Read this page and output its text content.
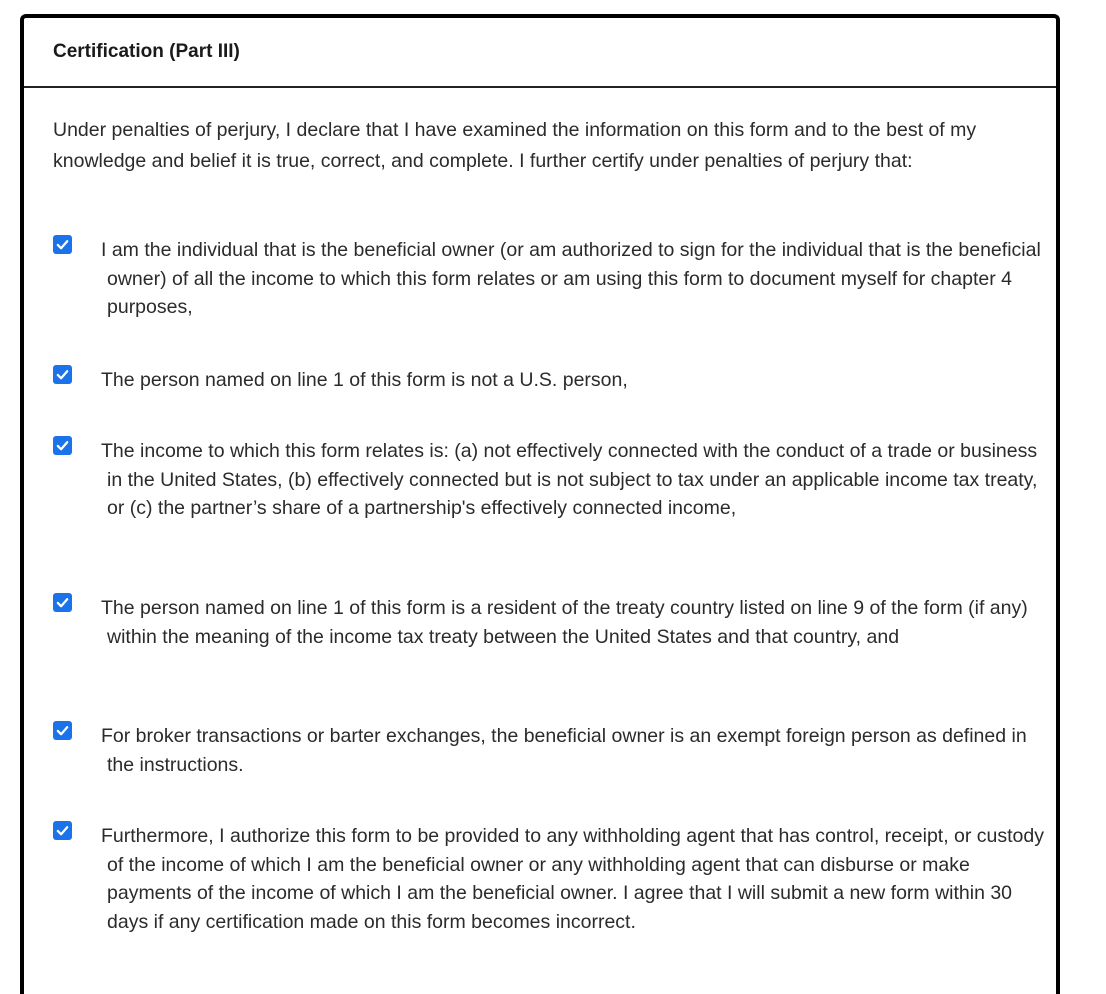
Certification (Part III)
Under penalties of perjury, I declare that I have examined the information on this form and to the best of my knowledge and belief it is true, correct, and complete. I further certify under penalties of perjury that:
I am the individual that is the beneficial owner (or am authorized to sign for the individual that is the beneficial owner) of all the income to which this form relates or am using this form to document myself for chapter 4 purposes,
The person named on line 1 of this form is not a U.S. person,
The income to which this form relates is: (a) not effectively connected with the conduct of a trade or business in the United States, (b) effectively connected but is not subject to tax under an applicable income tax treaty, or (c) the partner’s share of a partnership's effectively connected income,
The person named on line 1 of this form is a resident of the treaty country listed on line 9 of the form (if any) within the meaning of the income tax treaty between the United States and that country, and
For broker transactions or barter exchanges, the beneficial owner is an exempt foreign person as defined in the instructions.
Furthermore, I authorize this form to be provided to any withholding agent that has control, receipt, or custody of the income of which I am the beneficial owner or any withholding agent that can disburse or make payments of the income of which I am the beneficial owner. I agree that I will submit a new form within 30 days if any certification made on this form becomes incorrect.
